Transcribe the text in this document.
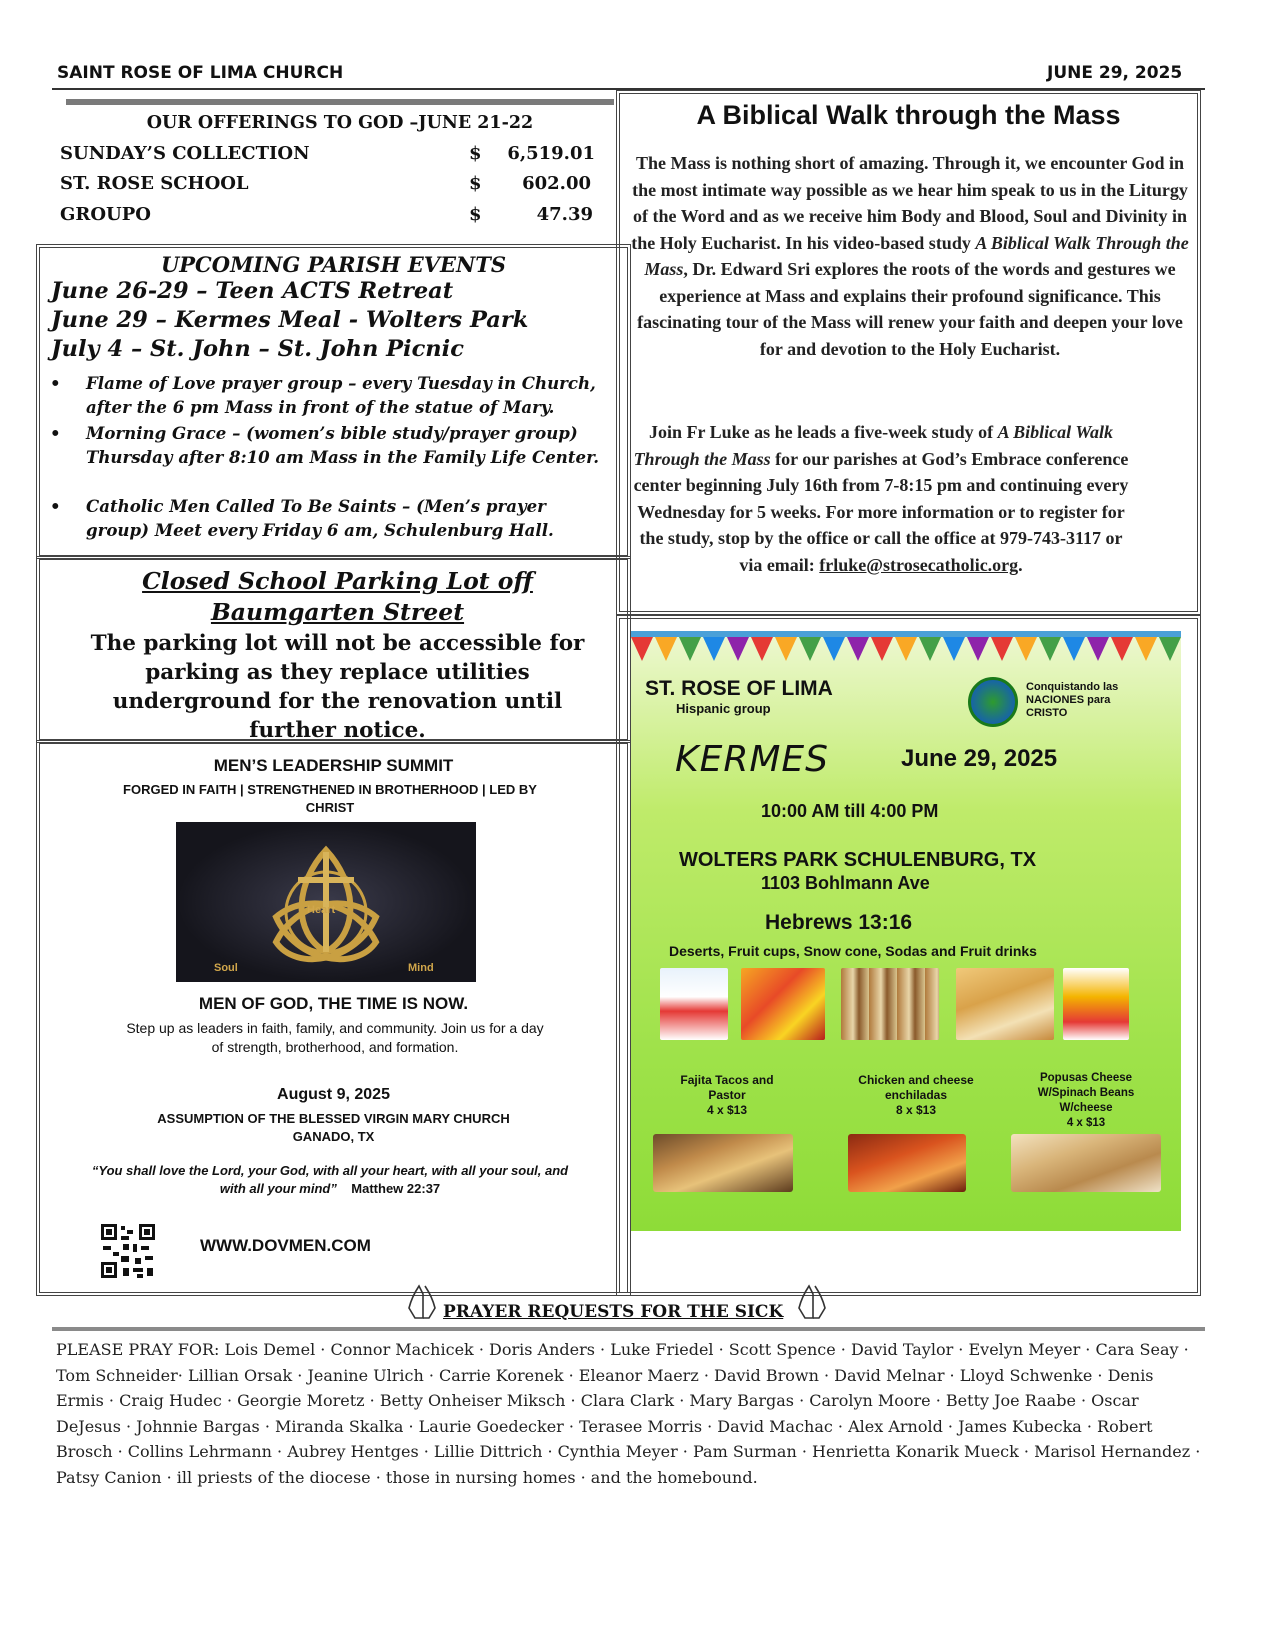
SAINT ROSE OF LIMA CHURCH	JUNE 29, 2025
OUR OFFERINGS TO GOD –JUNE 21-22
SUNDAY’S COLLECTION	$ 6,519.01
ST. ROSE SCHOOL	$ 602.00
GROUPO	$	47.39
UPCOMING PARISH EVENTS
June 26-29 – Teen ACTS Retreat
June 29 – Kermes Meal - Wolters Park
July 4 – St. John – St. John Picnic
• Flame of Love prayer group – every Tuesday in Church, after the 6 pm Mass in front of the statue of Mary.
• Morning Grace – (women’s bible study/prayer group) Thursday after 8:10 am Mass in the Family Life Center.
• Catholic Men Called To Be Saints – (Men’s prayer group) Meet every Friday 6 am, Schulenburg Hall.
Closed School Parking Lot off Baumgarten Street
The parking lot will not be accessible for parking as they replace utilities underground for the renovation until further notice.
MEN’S LEADERSHIP SUMMIT
FORGED IN FAITH | STRENGTHENED IN BROTHERHOOD | LED BY CHRIST
Heart
Soul	Mind
MEN OF GOD, THE TIME IS NOW.
Step up as leaders in faith, family, and community. Join us for a day of strength, brotherhood, and formation.
August 9, 2025
ASSUMPTION OF THE BLESSED VIRGIN MARY CHURCH
GANADO, TX
“You shall love the Lord, your God, with all your heart, with all your soul, and with all your mind” Matthew 22:37
WWW.DOVMEN.COM
A Biblical Walk through the Mass
The Mass is nothing short of amazing. Through it, we encounter God in the most intimate way possible as we hear him speak to us in the Liturgy of the Word and as we receive him Body and Blood, Soul and Divinity in the Holy Eucharist. In his video-based study A Biblical Walk Through the Mass, Dr. Edward Sri explores the roots of the words and gestures we experience at Mass and explains their profound significance. This fascinating tour of the Mass will renew your faith and deepen your love for and devotion to the Holy Eucharist.
Join Fr Luke as he leads a five-week study of A Biblical Walk Through the Mass for our parishes at God’s Embrace conference center beginning July 16th from 7-8:15 pm and continuing every Wednesday for 5 weeks. For more information or to register for the study, stop by the office or call the office at 979-743-3117 or via email: frluke@strosecatholic.org.
ST. ROSE OF LIMA
Hispanic group
Conquistando las NACIONES para CRISTO
KERMES	June 29, 2025
10:00 AM till 4:00 PM
WOLTERS PARK SCHULENBURG, TX
1103 Bohlmann Ave
Hebrews 13:16
Deserts, Fruit cups, Snow cone, Sodas and Fruit drinks
Fajita Tacos and Pastor
4 x $13
Chicken and cheese enchiladas
8 x $13
Popusas Cheese W/Spinach Beans W/cheese
4 x $13
PRAYER REQUESTS FOR THE SICK
PLEASE PRAY FOR: Lois Demel · Connor Machicek · Doris Anders · Luke Friedel · Scott Spence · David Taylor · Evelyn Meyer · Cara Seay · Tom Schneider· Lillian Orsak · Jeanine Ulrich · Carrie Korenek · Eleanor Maerz · David Brown · David Melnar · Lloyd Schwenke · Denis Ermis · Craig Hudec · Georgie Moretz · Betty Onheiser Miksch · Clara Clark · Mary Bargas · Carolyn Moore · Betty Joe Raabe · Oscar DeJesus · Johnnie Bargas · Miranda Skalka · Laurie Goedecker · Terasee Morris · David Machac · Alex Arnold · James Kubecka · Robert Brosch · Collins Lehrmann · Aubrey Hentges · Lillie Dittrich · Cynthia Meyer · Pam Surman · Henrietta Konarik Mueck · Marisol Hernandez · Patsy Canion · ill priests of the diocese · those in nursing homes · and the homebound.
